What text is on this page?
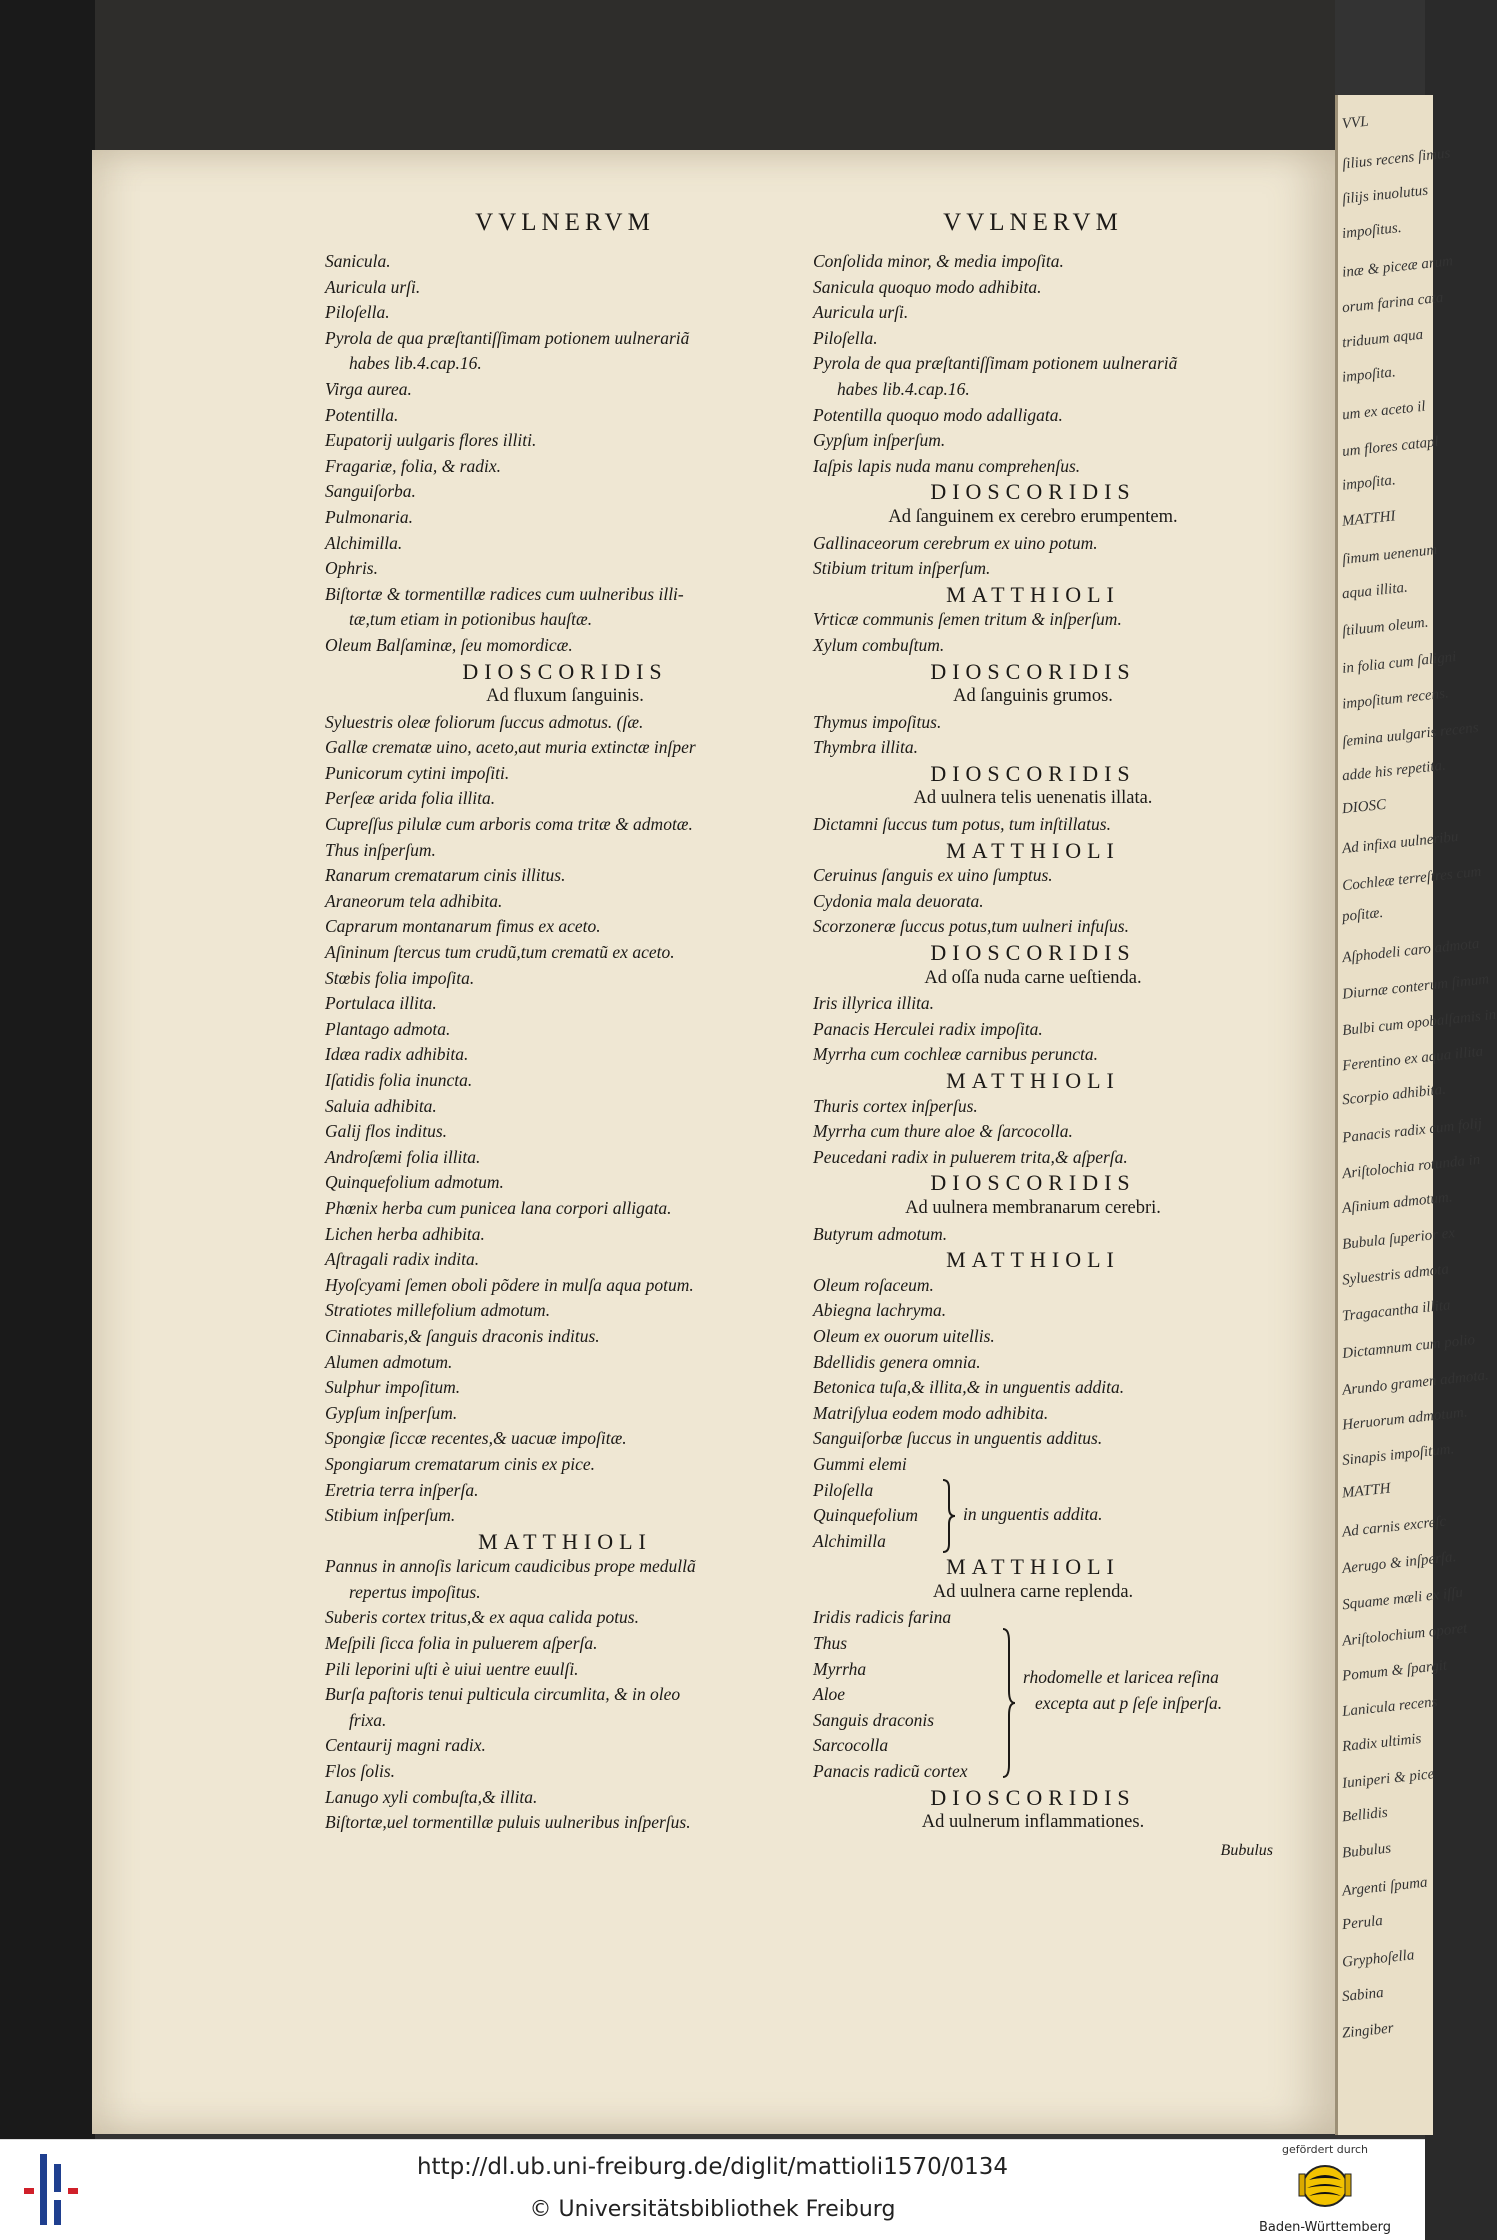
VVL
ſilius recens ſimus
ſilijs inuolutus
impoſitus.
inæ & piceæ arum
orum farina cata
triduum aqua
impoſita.
um ex aceto il
um flores catapl
impoſita.
MATTHI
ſimum uenenum
aqua illita.
ſtiluum oleum.
in folia cum ſaligni
impoſitum recens.
ſemina uulgaris recens
adde his repetita.
DIOSC
Ad infixa uulneribu
Cochleæ terreſtres cum
poſitæ.
Aſphodeli caro admota
Diurnæ conterum ſimum
Bulbi cum opobalſamis in
Ferentino ex aqua illita
Scorpio adhibita.
Panacis radix cum folij
Ariſtolochia rotunda in
Aſinium admotum.
Bubula ſuperior ex
Syluestris admota
Tragacantha illita
Dictamnum cum polio
Arundo gramen admota.
Heruorum admotum.
Sinapis impoſitum.
MATTH
Ad carnis excreſc
Aerugo & inſperſa.
Squame mæli ex iſſu
Ariſtolochium oporet
Pomum & ſpargit
Lanicula recens
Radix ultimis
Iuniperi & pice
Bellidis
Bubulus
Argenti ſpuma
Perula
Gryphoſella
Sabina
Zingiber
VVLNERVM
Sanicula.
Auricula urſi.
Piloſella.
Pyrola de qua præſtantiſſimam potionem uulnerariã
habes lib.4.cap.16.
Virga aurea.
Potentilla.
Eupatorij uulgaris flores illiti.
Fragariæ, folia, & radix.
Sanguiſorba.
Pulmonaria.
Alchimilla.
Ophris.
Biſtortæ & tormentillæ radices cum uulneribus illi-
tæ,tum etiam in potionibus hauſtæ.
Oleum Balſaminæ, ſeu momordicæ.
DIOSCORIDIS
Ad fluxum ſanguinis.
Syluestris oleæ foliorum ſuccus admotus. (ſæ.
Gallæ crematæ uino, aceto,aut muria extinctæ inſper
Punicorum cytini impoſiti.
Perſeæ arida folia illita.
Cupreſſus pilulæ cum arboris coma tritæ & admotæ.
Thus inſperſum.
Ranarum crematarum cinis illitus.
Araneorum tela adhibita.
Caprarum montanarum fimus ex aceto.
Aſininum ſtercus tum crudũ,tum crematũ ex aceto.
Stœbis folia impoſita.
Portulaca illita.
Plantago admota.
Idæa radix adhibita.
Iſatidis folia inuncta.
Saluia adhibita.
Galij flos inditus.
Androſæmi folia illita.
Quinquefolium admotum.
Phœnix herba cum punicea lana corpori alligata.
Lichen herba adhibita.
Aſtragali radix indita.
Hyoſcyami ſemen oboli põdere in mulſa aqua potum.
Stratiotes millefolium admotum.
Cinnabaris,& ſanguis draconis inditus.
Alumen admotum.
Sulphur impoſitum.
Gypſum inſperſum.
Spongiæ ſiccæ recentes,& uacuæ impoſitæ.
Spongiarum crematarum cinis ex pice.
Eretria terra inſperſa.
Stibium inſperſum.
MATTHIOLI
Pannus in annoſis laricum caudicibus prope medullã
repertus impoſitus.
Suberis cortex tritus,& ex aqua calida potus.
Meſpili ſicca folia in puluerem aſperſa.
Pili leporini uſti è uiui uentre euulſi.
Burſa paſtoris tenui pulticula circumlita, & in oleo
frixa.
Centaurij magni radix.
Flos ſolis.
Lanugo xyli combuſta,& illita.
Biſtortæ,uel tormentillæ puluis uulneribus inſperſus.
VVLNERVM
Conſolida minor, & media impoſita.
Sanicula quoquo modo adhibita.
Auricula urſi.
Piloſella.
Pyrola de qua præſtantiſſimam potionem uulnerariã
habes lib.4.cap.16.
Potentilla quoquo modo adalligata.
Gypſum inſperſum.
Iaſpis lapis nuda manu comprehenſus.
DIOSCORIDIS
Ad ſanguinem ex cerebro erumpentem.
Gallinaceorum cerebrum ex uino potum.
Stibium tritum inſperſum.
MATTHIOLI
Vrticæ communis ſemen tritum & inſperſum.
Xylum combuſtum.
DIOSCORIDIS
Ad ſanguinis grumos.
Thymus impoſitus.
Thymbra illita.
DIOSCORIDIS
Ad uulnera telis uenenatis illata.
Dictamni ſuccus tum potus, tum inſtillatus.
MATTHIOLI
Ceruinus ſanguis ex uino ſumptus.
Cydonia mala deuorata.
Scorzoneræ ſuccus potus,tum uulneri infuſus.
DIOSCORIDIS
Ad oſſa nuda carne ueſtienda.
Iris illyrica illita.
Panacis Herculei radix impoſita.
Myrrha cum cochleæ carnibus peruncta.
MATTHIOLI
Thuris cortex inſperſus.
Myrrha cum thure aloe & ſarcocolla.
Peucedani radix in puluerem trita,& aſperſa.
DIOSCORIDIS
Ad uulnera membranarum cerebri.
Butyrum admotum.
MATTHIOLI
Oleum roſaceum.
Abiegna lachryma.
Oleum ex ouorum uitellis.
Bdellidis genera omnia.
Betonica tuſa,& illita,& in unguentis addita.
Matriſylua eodem modo adhibita.
Sanguiſorbæ ſuccus in unguentis additus.
Gummi elemi
Piloſella
Quinquefolium
Alchimilla
in unguentis addita.
MATTHIOLI
Ad uulnera carne replenda.
Iridis radicis farina
Thus
Myrrha
Aloe
Sanguis draconis
Sarcocolla
Panacis radicũ cortex
rhodomelle et laricea reſina
excepta aut p ſeſe inſperſa.
DIOSCORIDIS
Ad uulnerum inflammationes.
Bubulus
http://dl.ub.uni-freiburg.de/diglit/mattioli1570/0134
© Universitätsbibliothek Freiburg
gefördert durch
Baden-Württemberg
